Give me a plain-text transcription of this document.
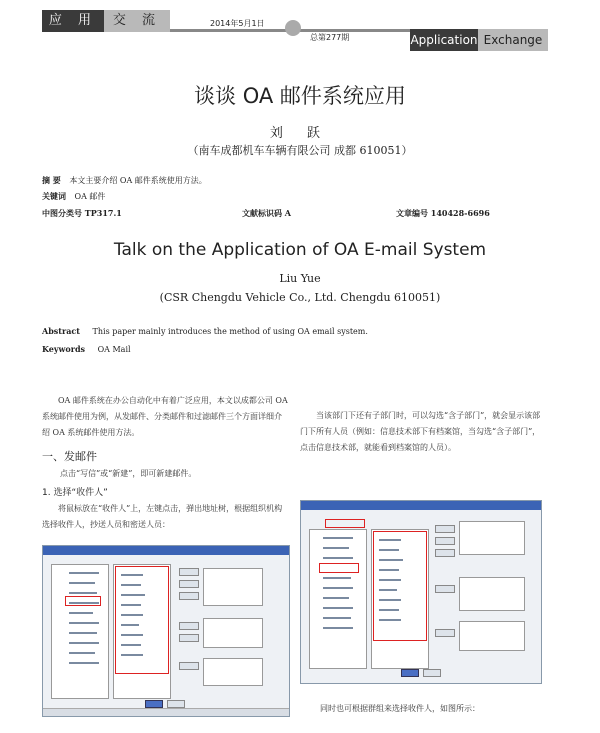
应 用	交 流	2014年5月1日
总第277期	Application Exchange
谈谈 OA 邮件系统应用
刘 跃
（南车成都机车车辆有限公司 成都 610051）
摘 要 本文主要介绍 OA 邮件系统使用方法。
关键词 OA 邮件
中图分类号 TP317.1	文献标识码 A	文章编号 140428-6696
Talk on the Application of OA E-mail System
Liu Yue
(CSR Chengdu Vehicle Co., Ltd. Chengdu 610051)
Abstract This paper mainly introduces the method of using OA email system.
Keywords OA Mail
OA 邮件系统在办公自动化中有着广泛应用，本文以成都公司 OA 系统邮件使用为例，从发邮件、分类邮件和过滤邮件三个方面详细介绍 OA 系统邮件使用方法。
一、发邮件
点击“写信”或“新建”，即可新建邮件。
1. 选择“收件人”
将鼠标放在“收件人”上，左键点击，弹出地址树，根据组织机构选择收件人，抄送人员和密送人员：
当该部门下还有子部门时，可以勾选“含子部门”，就会显示该部门下所有人员（例如：信息技术部下有档案馆，当勾选“含子部门”，点击信息技术部，就能看到档案馆的人员）。
同时也可根据群组来选择收件人，如图所示：
